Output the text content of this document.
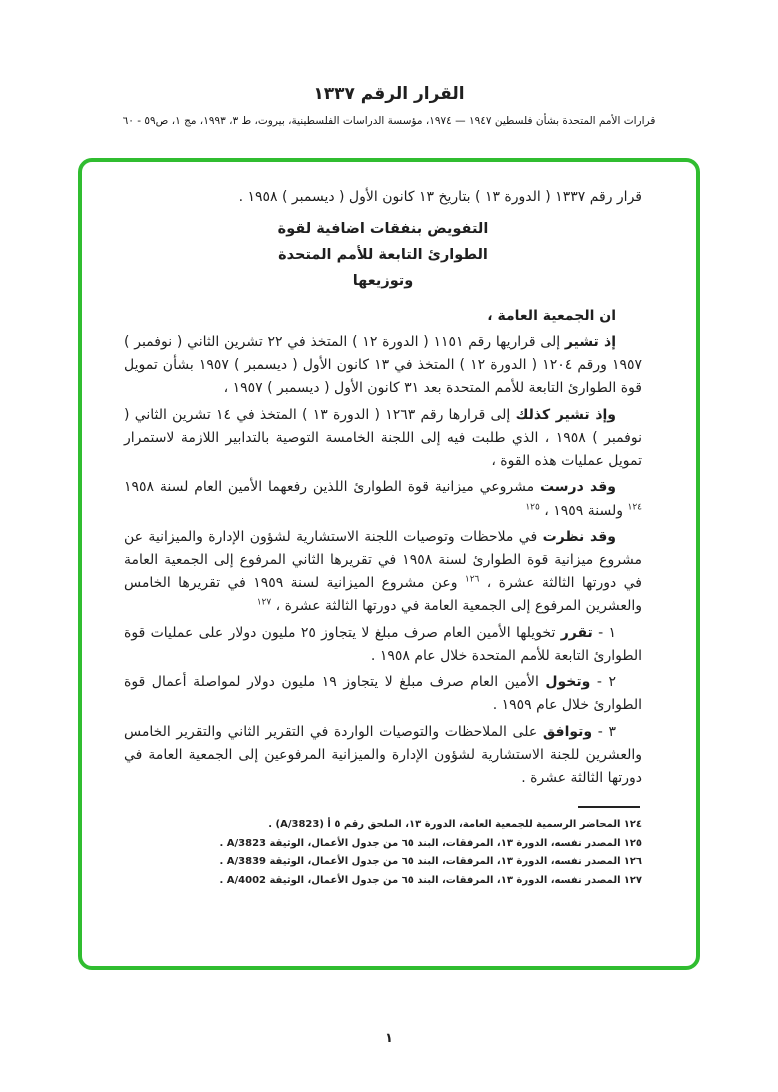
القرار الرقم ١٣٣٧
قرارات الأمم المتحدة بشأن فلسطين ١٩٤٧ — ١٩٧٤، مؤسسة الدراسات الفلسطينية، بيروت، ط ٣، ١٩٩٣، مج ١، ص٥٩ - ٦٠

قرار رقم ١٣٣٧ ( الدورة ١٣ ) بتاريخ ١٣ كانون الأول ( ديسمبر ) ١٩٥٨ .

التفويض بنفقات اضافية لقوة
الطوارئ التابعة للأمم المتحدة
وتوزيعها

ان الجمعية العامة ،

إذ تشير إلى قراريها رقم ١١٥١ ( الدورة ١٢ ) المتخذ في ٢٢ تشرين الثاني ( نوفمبر ) ١٩٥٧ ورقم ١٢٠٤ ( الدورة ١٢ ) المتخذ في ١٣ كانون الأول ( ديسمبر ) ١٩٥٧ بشأن تمويل قوة الطوارئ التابعة للأمم المتحدة بعد ٣١ كانون الأول ( ديسمبر ) ١٩٥٧ ،

وإذ تشير كذلك إلى قرارها رقم ١٢٦٣ ( الدورة ١٣ ) المتخذ في ١٤ تشرين الثاني ( نوفمبر ) ١٩٥٨ ، الذي طلبت فيه إلى اللجنة الخامسة التوصية بالتدابير اللازمة لاستمرار تمويل عمليات هذه القوة ،

وقد درست مشروعي ميزانية قوة الطوارئ اللذين رفعهما الأمين العام لسنة ١٩٥٨ $^{١٢٤}$ ولسنة ١٩٥٩ ، $^{١٢٥}$

وقد نظرت في ملاحظات وتوصيات اللجنة الاستشارية لشؤون الإدارة والميزانية عن مشروع ميزانية قوة الطوارئ لسنة ١٩٥٨ في تقريرها الثاني المرفوع إلى الجمعية العامة في دورتها الثالثة عشرة ، $^{١٢٦}$ وعن مشروع الميزانية لسنة ١٩٥٩ في تقريرها الخامس والعشرين المرفوع إلى الجمعية العامة في دورتها الثالثة عشرة ، $^{١٢٧}$

١ - تقرر تخويلها الأمين العام صرف مبلغ لا يتجاوز ٢٥ مليون دولار على عمليات قوة الطوارئ التابعة للأمم المتحدة خلال عام ١٩٥٨ .

٢ - وتخول الأمين العام صرف مبلغ لا يتجاوز ١٩ مليون دولار لمواصلة أعمال قوة الطوارئ خلال عام ١٩٥٩ .

٣ - وتوافق على الملاحظات والتوصيات الواردة في التقرير الثاني والتقرير الخامس والعشرين للجنة الاستشارية لشؤون الإدارة والميزانية المرفوعين إلى الجمعية العامة في دورتها الثالثة عشرة .

١٢٤ المحاضر الرسمية للجمعية العامة، الدورة ١٣، الملحق رقم ٥ أ (A/3823) .
١٢٥ المصدر نفسه، الدورة ١٣، المرفقات، البند ٦٥ من جدول الأعمال، الوثيقة A/3823 .
١٢٦ المصدر نفسه، الدورة ١٣، المرفقات، البند ٦٥ من جدول الأعمال، الوثيقة A/3839 .
١٢٧ المصدر نفسه، الدورة ١٣، المرفقات، البند ٦٥ من جدول الأعمال، الوثيقة A/4002 .
١
